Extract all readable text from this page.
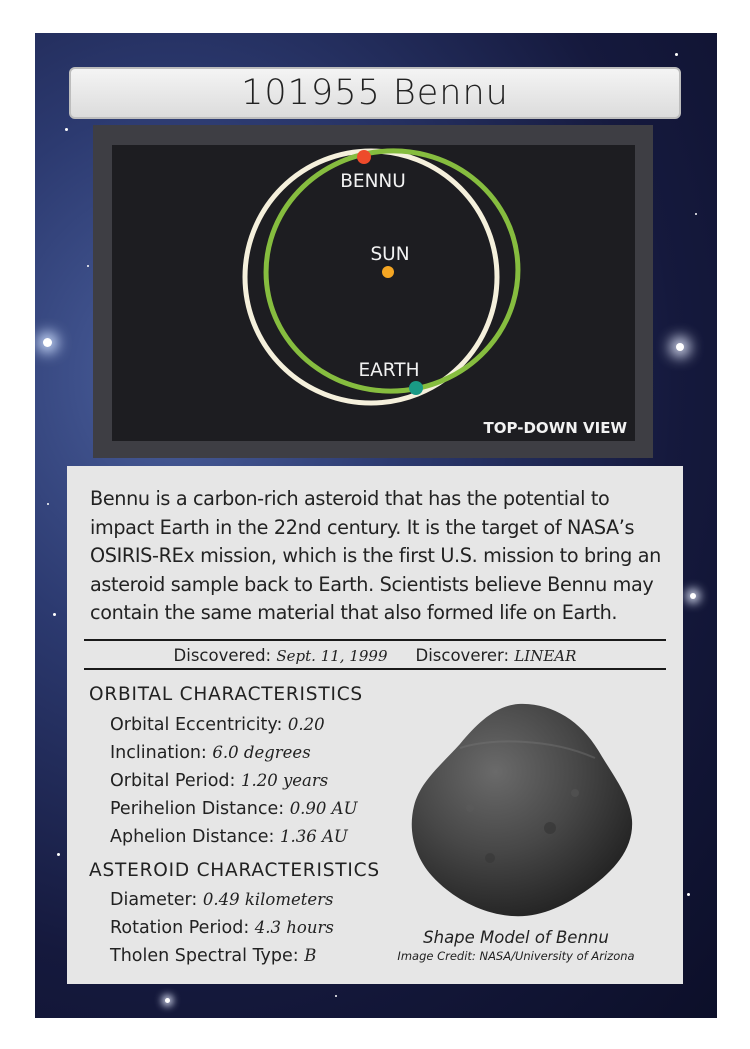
101955 Bennu
BENNU
SUN
EARTH
TOP-DOWN VIEW

Bennu is a carbon-rich asteroid that has the potential to impact Earth in the 22nd century. It is the target of NASA’s OSIRIS-REx mission, which is the first U.S. mission to bring an asteroid sample back to Earth. Scientists believe Bennu may contain the same material that also formed life on Earth.

Discovered: Sept. 11, 1999 Discoverer: LINEAR
ORBITAL CHARACTERISTICS
Orbital Eccentricity: 0.20
Inclination: 6.0 degrees
Orbital Period: 1.20 years
Perihelion Distance: 0.90 AU
Aphelion Distance: 1.36 AU
ASTEROID CHARACTERISTICS
Diameter: 0.49 kilometers
Rotation Period: 4.3 hours
Tholen Spectral Type: B
Shape Model of Bennu
Image Credit: NASA/University of Arizona
